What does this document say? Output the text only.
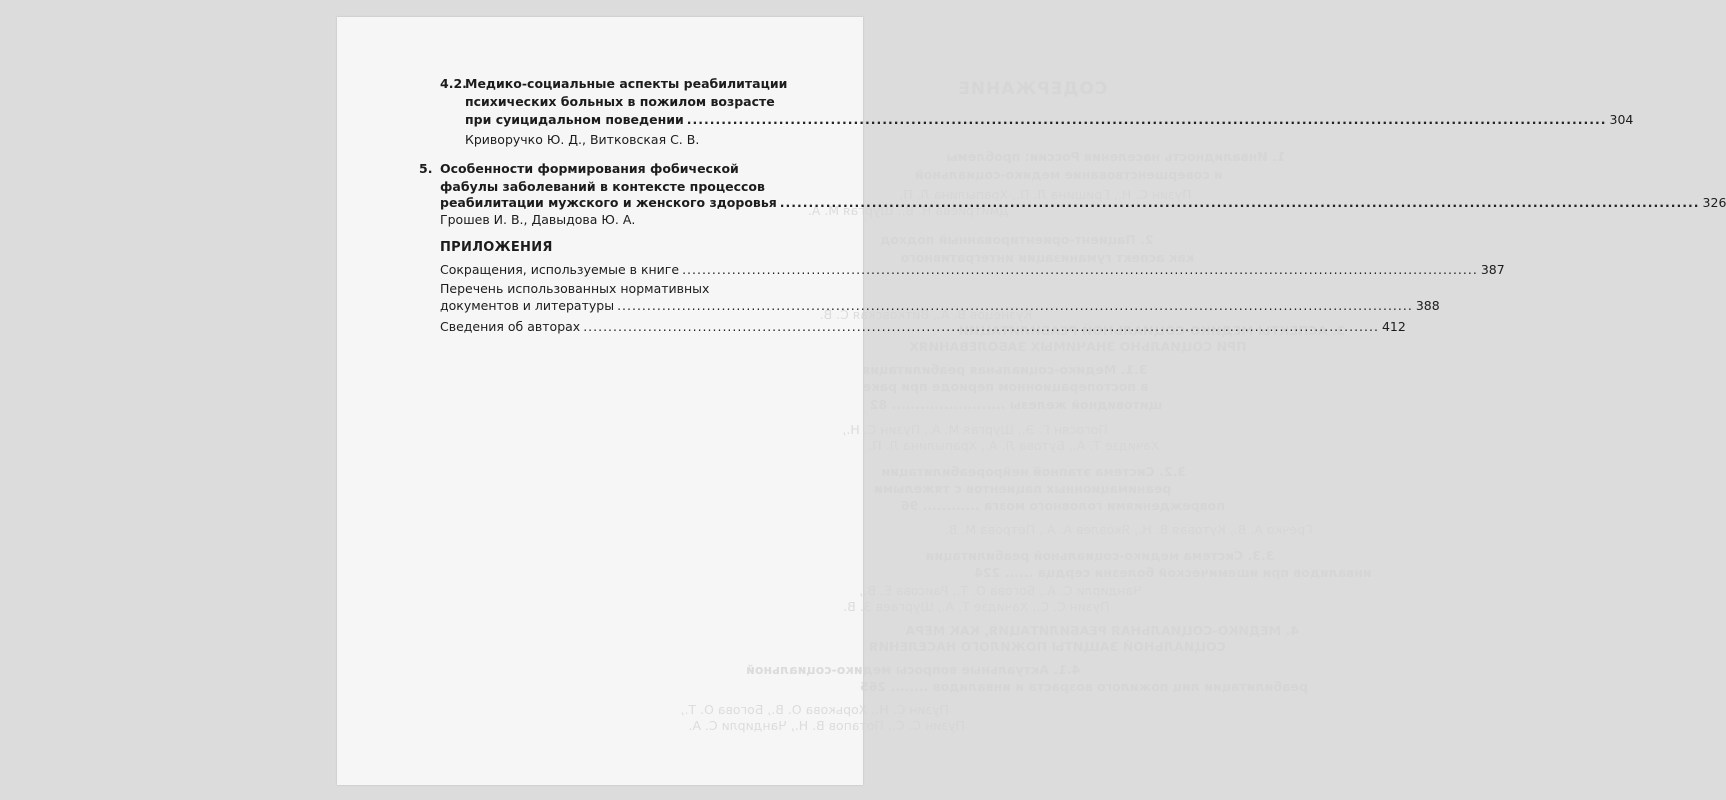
СОДЕРЖАНИЕ
1. Инвалидность населения России: проблемы
и совершенствование медико-социальной
Пузин С. Н., Гришина Л. П., Храпылина Л. П.
Дмитриева Н. В., Шургая М. А.
2. Пациент-ориентированный подход
как аспект гуманизации интегративного
Кузнецов В. А., Витковская С. В.
3. АСПЕКТЫ МЕДИКО-СОЦИАЛЬНОЙ РЕАБИЛИТАЦИИ
ПРИ СОЦИАЛЬНО ЗНАЧИМЫХ ЗАБОЛЕВАНИЯХ
3.1. Медико-социальная реабилитация
в постоперационном периоде при раке
щитовидной железы ........................ 82
Погосян Г. Э., Шургая М. А., Пузин С. Н.,
Хачидзе Т. А., Бутова Л. А., Храпылина Л. П.
3.2. Система этапной нейрореабилитации
реанимационных пациентов с тяжелыми
повреждениями головного мозга ............ 96
Гречко А. В., Кутовая В. Н., Яковлев А. А., Петрова М. В.
3.3. Система медико-социальной реабилитации
инвалидов при ишемической болезни сердца ...... 224
Чандирли С. А., Богова О. Т., Раисова Е. В.,
Пузин С. С., Хачидзе Т. А., Шургаев З. В.
4. МЕДИКО-СОЦИАЛЬНАЯ РЕАБИЛИТАЦИЯ, КАК МЕРА
СОЦИАЛЬНОЙ ЗАЩИТЫ ПОЖИЛОГО НАСЕЛЕНИЯ
4.1. Актуальные вопросы медико-социальной
реабилитации лиц пожилого возраста и инвалидов ........ 265
Пузин С. Н., Хорькова О. В., Богова О. Т.,
Пузин С. С., Потапов В. Н., Чандирли С. А.
4.2.
Медико-социальные аспекты реабилитации
психических больных в пожилом возрасте
при суицидальном поведении .....	304
Криворучко Ю. Д., Витковская С. В.
5. Особенности формирования фобической
фабулы заболеваний в контексте процессов
реабилитации мужского и женского здоровья .....	326
Грошев И. В., Давыдова Ю. А.
ПРИЛОЖЕНИЯ
Сокращения, используемые в книге .....	387
Перечень использованных нормативных
документов и литературы .....	388
Сведения об авторах .....	412
